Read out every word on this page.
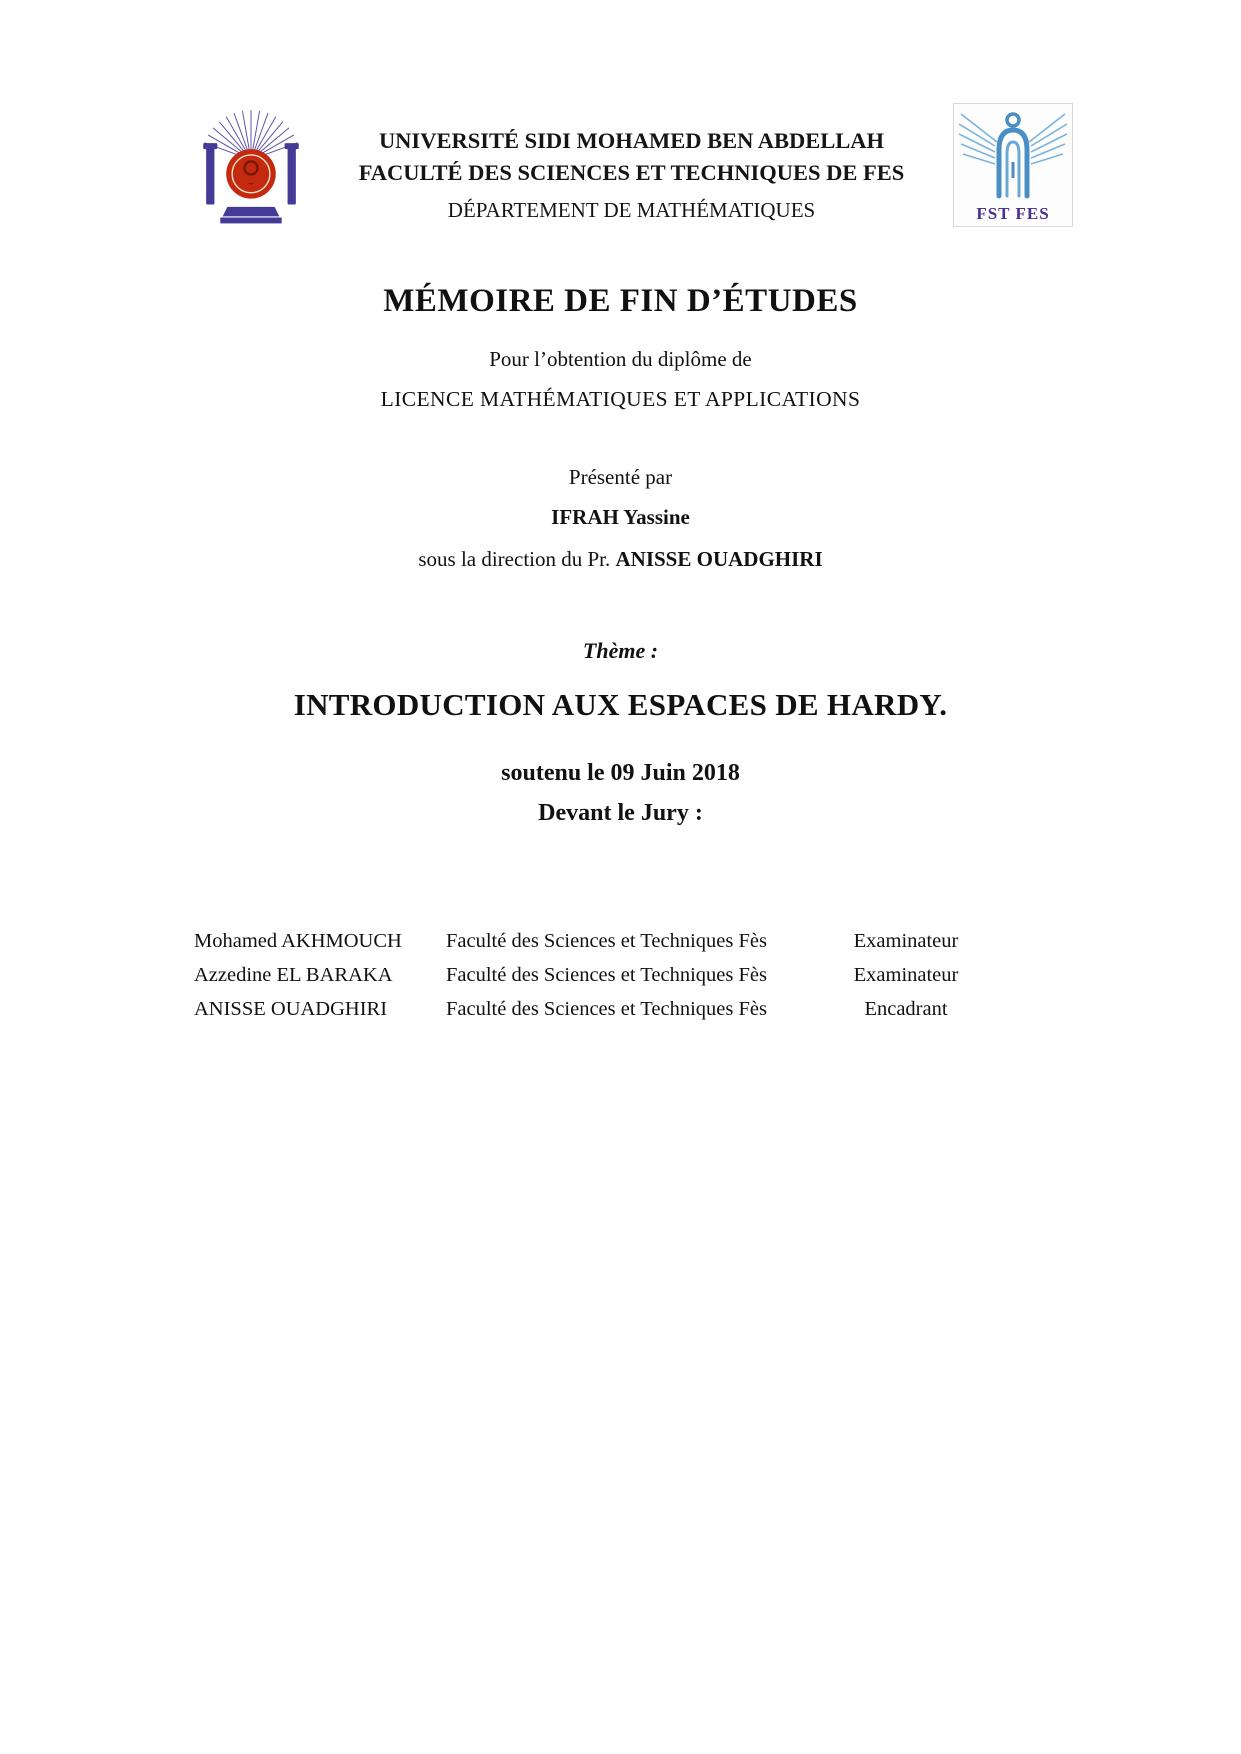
UNIVERSITÉ SIDI MOHAMED BEN ABDELLAH
FACULTÉ DES SCIENCES ET TECHNIQUES DE FES
DÉPARTEMENT DE MATHÉMATIQUES	FST FES
MÉMOIRE DE FIN D’ÉTUDES
Pour l’obtention du diplôme de
LICENCE MATHÉMATIQUES ET APPLICATIONS
Présenté par
IFRAH Yassine
sous la direction du Pr. ANISSE OUADGHIRI
Thème :
INTRODUCTION AUX ESPACES DE HARDY.
soutenu le 09 Juin 2018
Devant le Jury :
Mohamed AKHMOUCH	Faculté des Sciences et Techniques Fès	Examinateur
Azzedine EL BARAKA	Faculté des Sciences et Techniques Fès	Examinateur
ANISSE OUADGHIRI	Faculté des Sciences et Techniques Fès	Encadrant
